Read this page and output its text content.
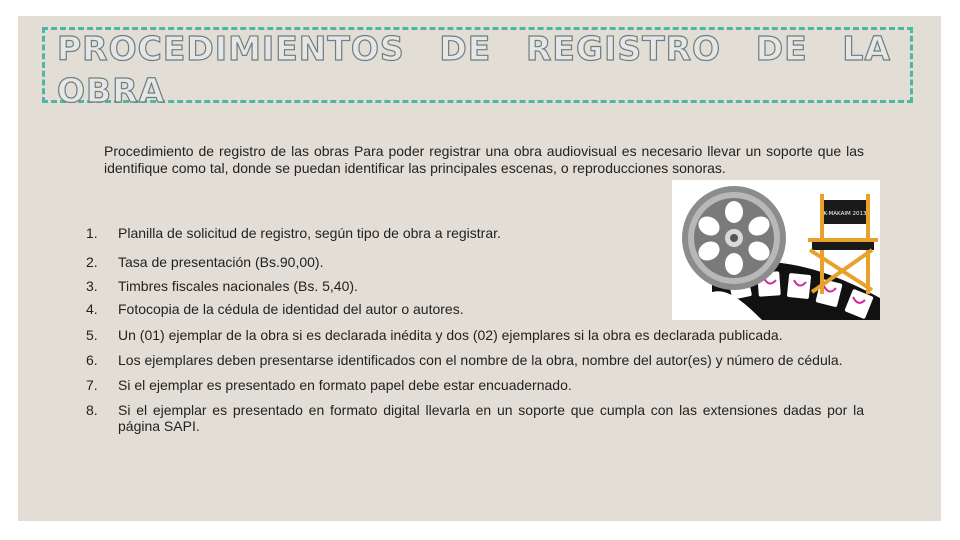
PROCEDIMIENTOS DE REGISTRO DE LA OBRA

Procedimiento de registro de las obras Para poder registrar una obra audiovisual es necesario llevar un soporte que las identifique como tal, donde se puedan identificar las principales escenas, o reproducciones sonoras.

1. Planilla de solicitud de registro, según tipo de obra a registrar.
2. Tasa de presentación (Bs.90,00).
3. Timbres fiscales nacionales (Bs. 5,40).
4. Fotocopia de la cédula de identidad del autor o autores.
5. Un (01) ejemplar de la obra si es declarada inédita y dos (02) ejemplares si la obra es declarada publicada.
6. Los ejemplares deben presentarse identificados con el nombre de la obra, nombre del autor(es) y número de cédula.
7. Si el ejemplar es presentado en formato papel debe estar encuadernado.
8. Si el ejemplar es presentado en formato digital llevarla en un soporte que cumpla con las extensiones dadas por la página SAPI.
K-MAKAIM 2013
